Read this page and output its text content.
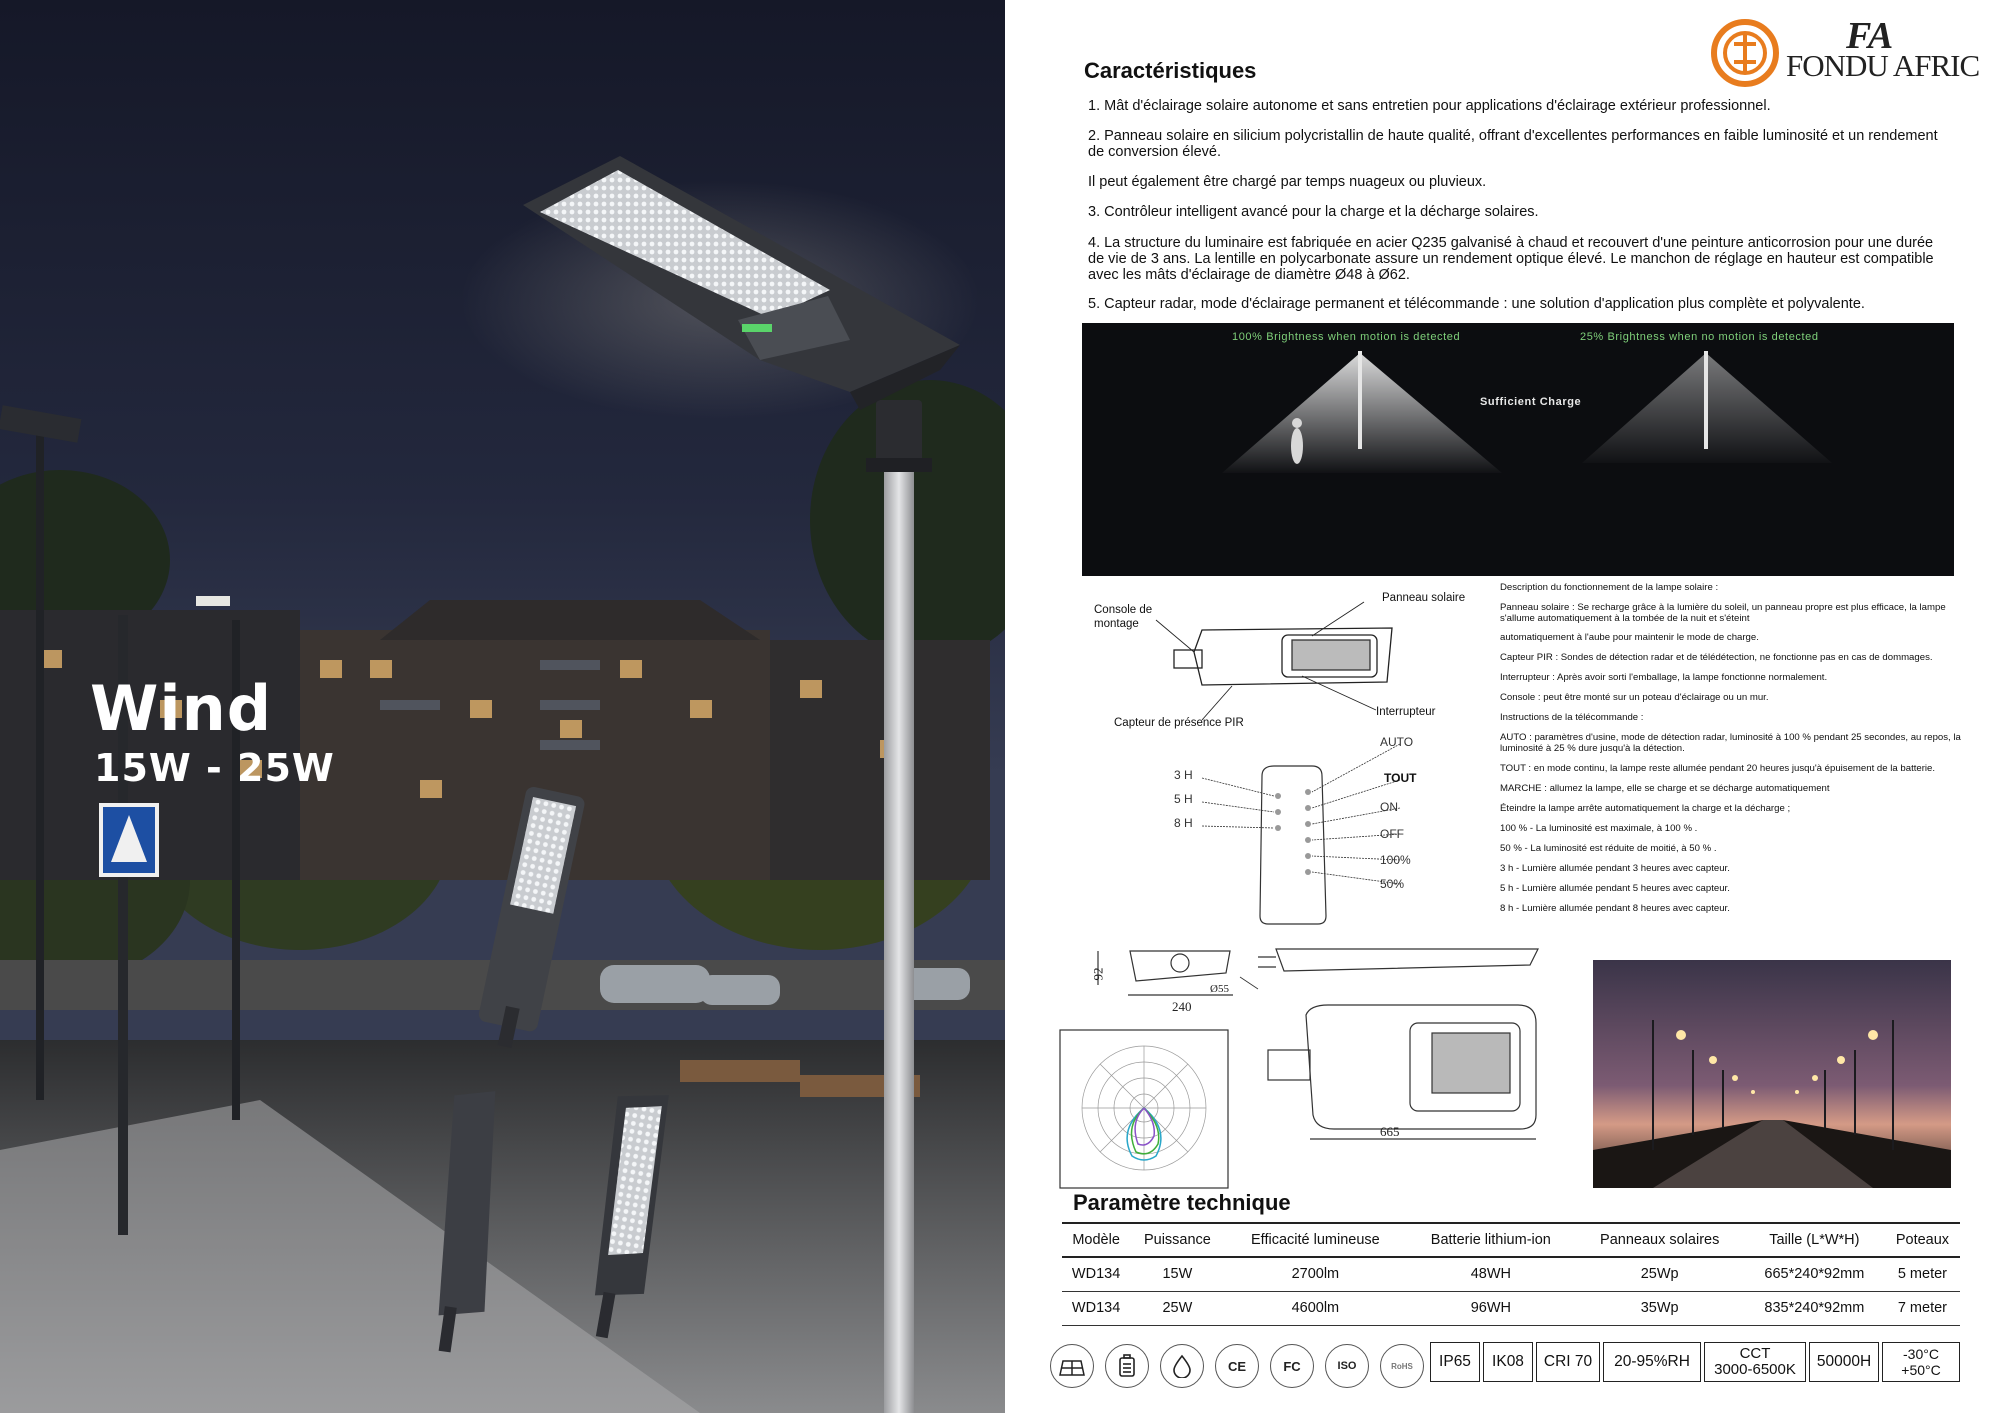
Wind
15W - 25W
FA
FONDU AFRIC
Caractéristiques
1. Mât d'éclairage solaire autonome et sans entretien pour applications d'éclairage extérieur professionnel.
2. Panneau solaire en silicium polycristallin de haute qualité, offrant d'excellentes performances en faible luminosité et un rendement de conversion élevé.
Il peut également être chargé par temps nuageux ou pluvieux.
3. Contrôleur intelligent avancé pour la charge et la décharge solaires.
4. La structure du luminaire est fabriquée en acier Q235 galvanisé à chaud et recouvert d'une peinture anticorrosion pour une durée de vie de 3 ans. La lentille en polycarbonate assure un rendement optique élevé. Le manchon de réglage en hauteur est compatible avec les mâts d'éclairage de diamètre Ø48 à Ø62.
5. Capteur radar, mode d'éclairage permanent et télécommande : une solution d'application plus complète et polyvalente.
100% Brightness when motion is detected	25% Brightness when no motion is detected
Sufficient Charge
Panneau solaire
Console de
montage
Interrupteur
Capteur de présence PIR
3 H
5 H
8 H
AUTO
TOUT
ON
OFF
100%
50%

Description du fonctionnement de la lampe solaire :

Panneau solaire : Se recharge grâce à la lumière du soleil, un panneau propre est plus efficace, la lampe s'allume automatiquement à la tombée de la nuit et s'éteint

automatiquement à l'aube pour maintenir le mode de charge.

Capteur PIR : Sondes de détection radar et de télédétection, ne fonctionne pas en cas de dommages.

Interrupteur : Après avoir sorti l'emballage, la lampe fonctionne normalement.

Console : peut être monté sur un poteau d'éclairage ou un mur.

Instructions de la télécommande :

AUTO : paramètres d'usine, mode de détection radar, luminosité à 100 % pendant 25 secondes, au repos, la luminosité à 25 % dure jusqu'à la détection.

TOUT : en mode continu, la lampe reste allumée pendant 20 heures jusqu'à épuisement de la batterie.

MARCHE : allumez la lampe, elle se charge et se décharge automatiquement

Éteindre la lampe arrête automatiquement la charge et la décharge ;

100 % - La luminosité est maximale, à 100 % .

50 % - La luminosité est réduite de moitié, à 50 % .

3 h - Lumière allumée pendant 3 heures avec capteur.

5 h - Lumière allumée pendant 5 heures avec capteur.

8 h - Lumière allumée pendant 8 heures avec capteur.

92
240
Ø55
665
Paramètre technique
Modèle	Puissance	Efficacité lumineuse	Batterie lithium-ion	Panneaux solaires	Taille (L*W*H)	Poteaux
WD134	15W	2700lm	48WH	25Wp	665*240*92mm	5 meter
WD134	25W	4600lm	96WH	35Wp	835*240*92mm	7 meter
CE	FC	ISO	RoHS	IP65	IK08	CRI 70	20-95%RH	CCT
3000-6500K	50000H	-30°C
+50°C
